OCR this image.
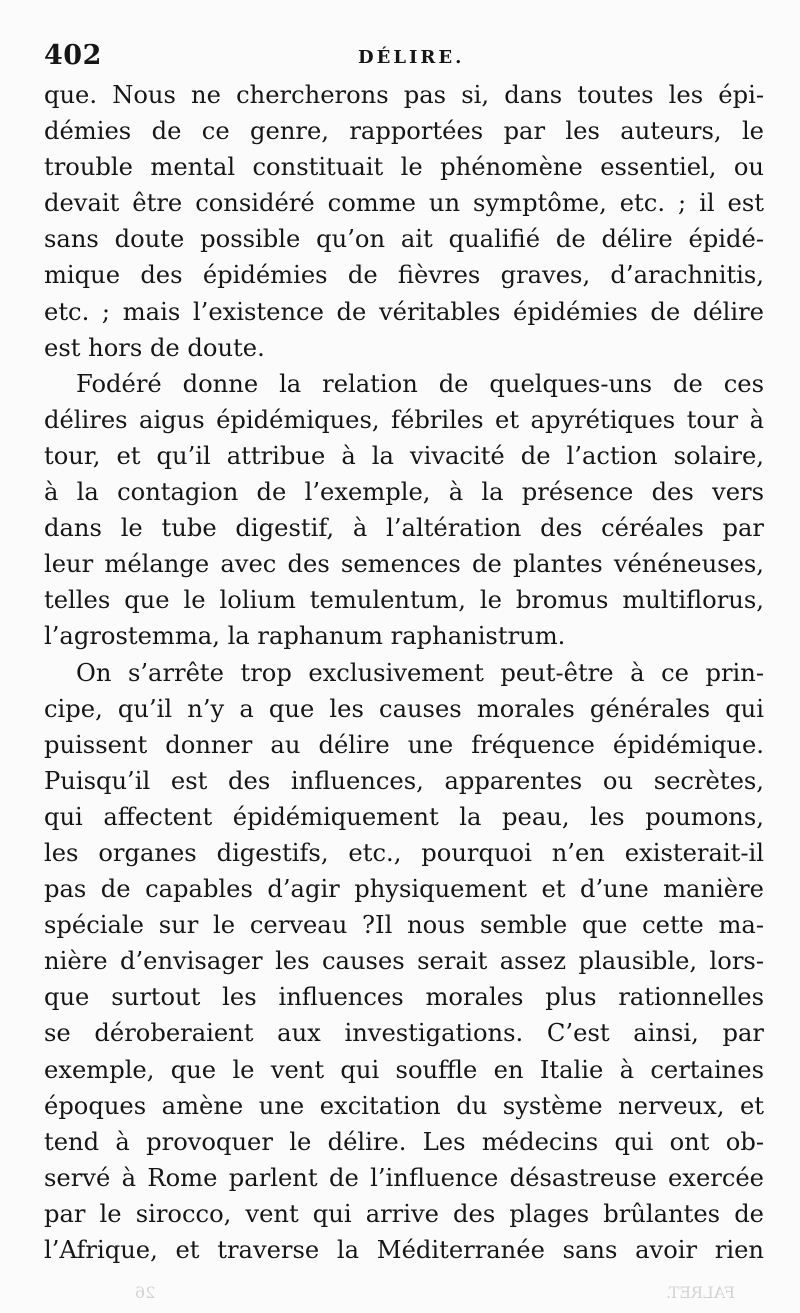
402	DÉLIRE.
que. Nous ne chercherons pas si, dans toutes les épi-
démies de ce genre, rapportées par les auteurs, le
trouble mental constituait le phénomène essentiel, ou
devait être considéré comme un symptôme, etc. ; il est
sans doute possible qu’on ait qualifié de délire épidé-
mique des épidémies de fièvres graves, d’arachnitis,
etc. ; mais l’existence de véritables épidémies de délire
est hors de doute.
Fodéré donne la relation de quelques-uns de ces
délires aigus épidémiques, fébriles et apyrétiques tour à
tour, et qu’il attribue à la vivacité de l’action solaire,
à la contagion de l’exemple, à la présence des vers
dans le tube digestif, à l’altération des céréales par
leur mélange avec des semences de plantes vénéneuses,
telles que le lolium temulentum, le bromus multiflorus,
l’agrostemma, la raphanum raphanistrum.
On s’arrête trop exclusivement peut-être à ce prin-
cipe, qu’il n’y a que les causes morales générales qui
puissent donner au délire une fréquence épidémique.
Puisqu’il est des influences, apparentes ou secrètes,
qui affectent épidémiquement la peau, les poumons,
les organes digestifs, etc., pourquoi n’en existerait-il
pas de capables d’agir physiquement et d’une manière
spéciale sur le cerveau ?Il nous semble que cette ma-
nière d’envisager les causes serait assez plausible, lors-
que surtout les influences morales plus rationnelles
se déroberaient aux investigations. C’est ainsi, par
exemple, que le vent qui souffle en Italie à certaines
époques amène une excitation du système nerveux, et
tend à provoquer le délire. Les médecins qui ont ob-
servé à Rome parlent de l’influence désastreuse exercée
par le sirocco, vent qui arrive des plages brûlantes de
l’Afrique, et traverse la Méditerranée sans avoir rien
26	FALRET.
